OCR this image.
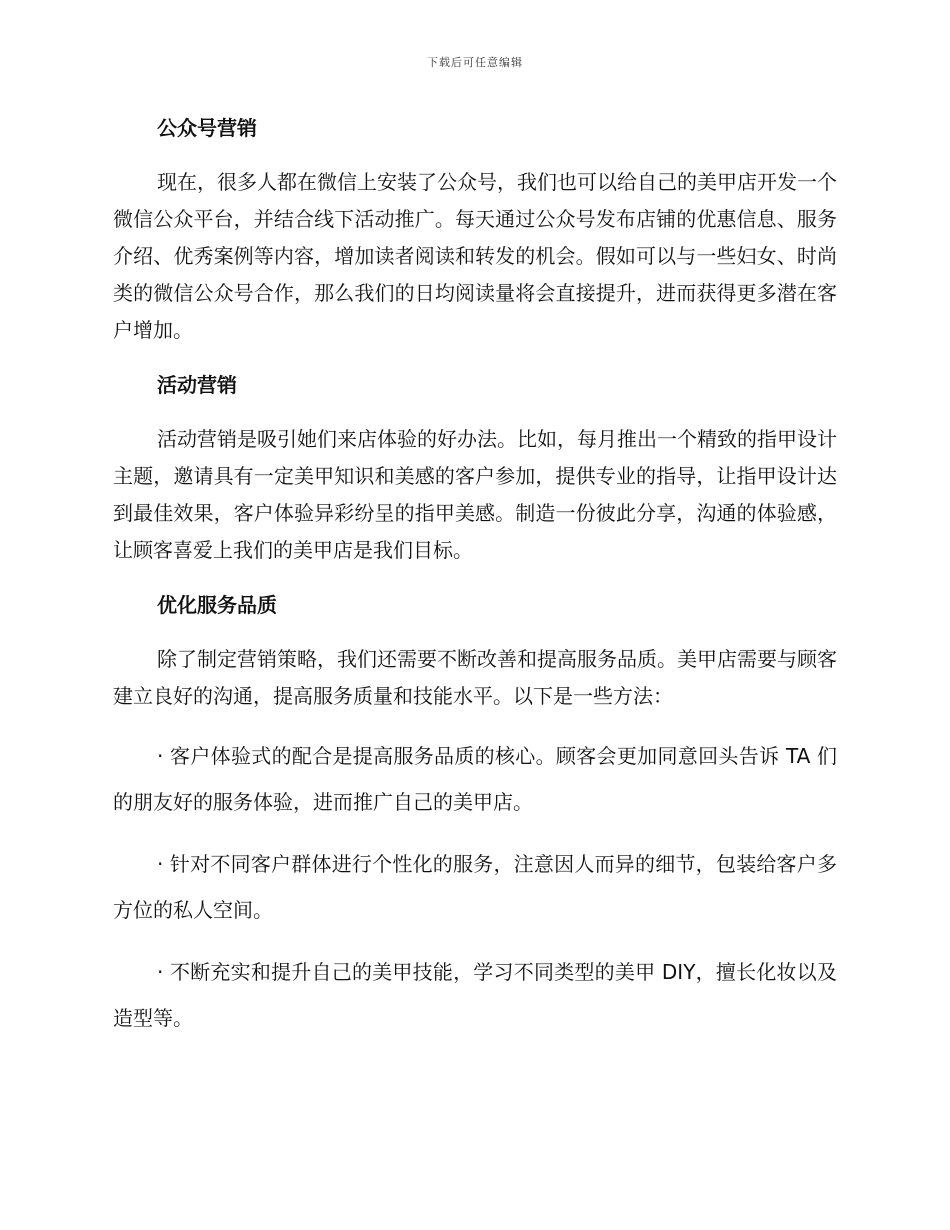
下载后可任意编辑
公众号营销

现在，很多人都在微信上安装了公众号，我们也可以给自己的美甲店开发一个微信公众平台，并结合线下活动推广。每天通过公众号发布店铺的优惠信息、服务介绍、优秀案例等内容，增加读者阅读和转发的机会。假如可以与一些妇女、时尚类的微信公众号合作，那么我们的日均阅读量将会直接提升，进而获得更多潜在客户增加。

活动营销

活动营销是吸引她们来店体验的好办法。比如，每月推出一个精致的指甲设计主题，邀请具有一定美甲知识和美感的客户参加，提供专业的指导，让指甲设计达到最佳效果，客户体验异彩纷呈的指甲美感。制造一份彼此分享，沟通的体验感，让顾客喜爱上我们的美甲店是我们目标。

优化服务品质

除了制定营销策略，我们还需要不断改善和提高服务品质。美甲店需要与顾客建立良好的沟通，提高服务质量和技能水平。以下是一些方法：

· 客户体验式的配合是提高服务品质的核心。顾客会更加同意回头告诉 TA 们的朋友好的服务体验，进而推广自己的美甲店。

· 针对不同客户群体进行个性化的服务，注意因人而异的细节，包装给客户多方位的私人空间。

· 不断充实和提升自己的美甲技能，学习不同类型的美甲 DIY，擅长化妆以及造型等。
